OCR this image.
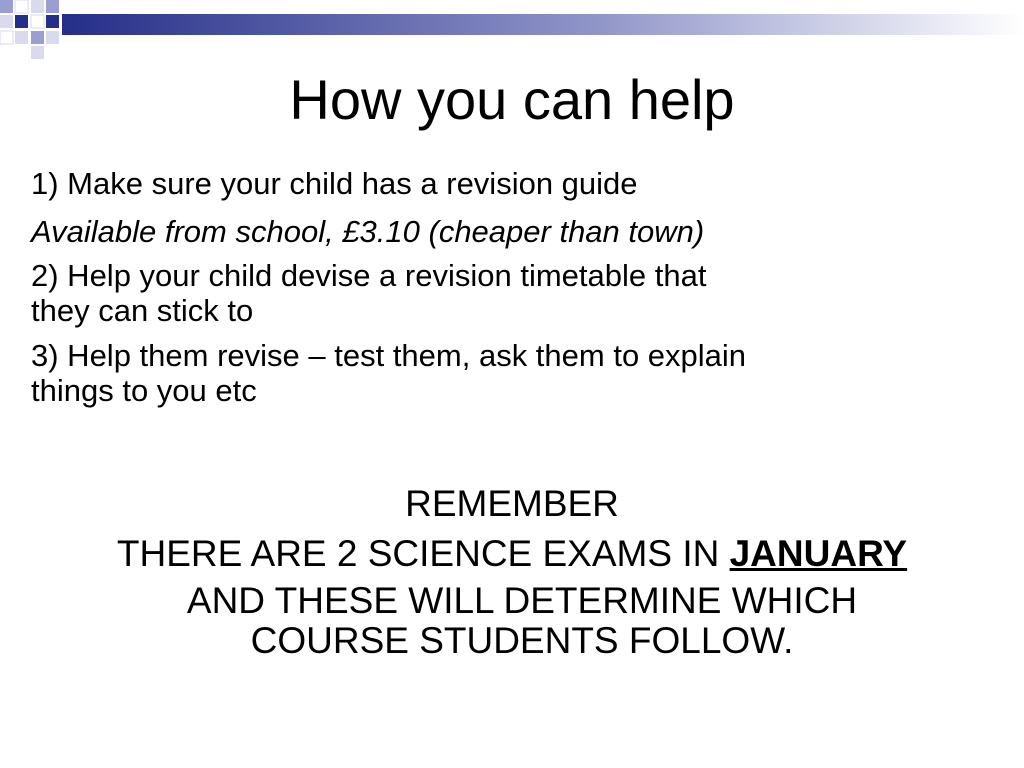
How you can help

1) Make sure your child has a revision guide

Available from school, £3.10 (cheaper than town)

2) Help your child devise a revision timetable that
they can stick to

3) Help them revise – test them, ask them to explain
things to you etc

REMEMBER

THERE ARE 2 SCIENCE EXAMS IN JANUARY

AND THESE WILL DETERMINE WHICH
COURSE STUDENTS FOLLOW.
